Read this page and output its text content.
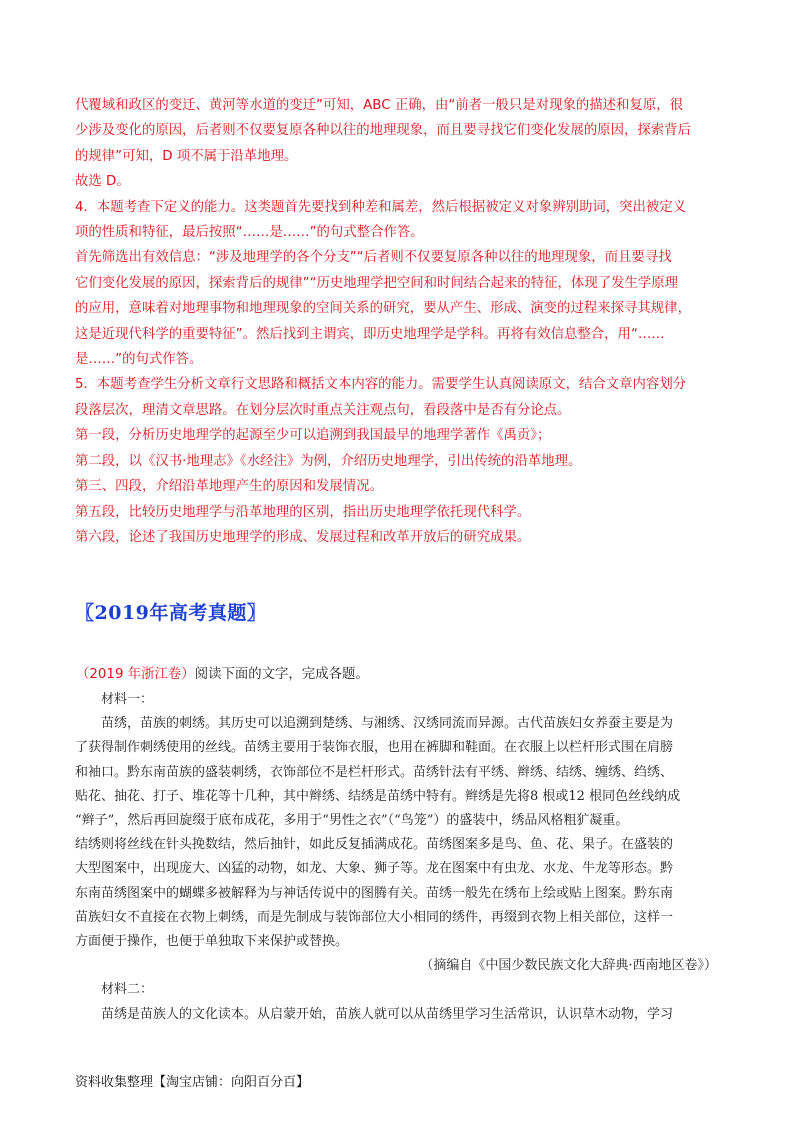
代覆域和政区的变迁、黄河等水道的变迁”可知，ABC 正确，由“前者一般只是对现象的描述和复原，很

少涉及变化的原因，后者则不仅要复原各种以往的地理现象，而且要寻找它们变化发展的原因，探索背后

的规律”可知，D 项不属于沿革地理。

故选 D。

4．本题考查下定义的能力。这类题首先要找到种差和属差，然后根据被定义对象辨别助词，突出被定义

项的性质和特征，最后按照“……是……”的句式整合作答。

首先筛选出有效信息：“涉及地理学的各个分支”“后者则不仅要复原各种以往的地理现象，而且要寻找

它们变化发展的原因，探索背后的规律”“历史地理学把空间和时间结合起来的特征，体现了发生学原理

的应用，意味着对地理事物和地理现象的空间关系的研究，要从产生、形成、演变的过程来探寻其规律，

这是近现代科学的重要特征”。然后找到主谓宾，即历史地理学是学科。再将有效信息整合，用“……

是……”的句式作答。

5．本题考查学生分析文章行文思路和概括文本内容的能力。需要学生认真阅读原文，结合文章内容划分

段落层次，理清文章思路。在划分层次时重点关注观点句，看段落中是否有分论点。

第一段，分析历史地理学的起源至少可以追溯到我国最早的地理学著作《禹贡》；

第二段，以《汉书·地理志》《水经注》为例，介绍历史地理学，引出传统的沿革地理。

第三、四段，介绍沿革地理产生的原因和发展情况。

第五段，比较历史地理学与沿革地理的区别，指出历史地理学依托现代科学。

第六段，论述了我国历史地理学的形成、发展过程和改革开放后的研究成果。

〖2019年高考真题〗
（2019 年浙江卷）阅读下面的文字，完成各题。

材料一：

苗绣，苗族的刺绣。其历史可以追溯到楚绣、与湘绣、汉绣同流而异源。古代苗族妇女养蚕主要是为

了获得制作刺绣使用的丝线。苗绣主要用于装饰衣服，也用在裤脚和鞋面。在衣服上以栏杆形式围在肩膀

和袖口。黔东南苗族的盛装刺绣，衣饰部位不是栏杆形式。苗绣针法有平绣、辫绣、结绣、缠绣、绉绣、

贴花、抽花、打子、堆花等十几种，其中辫绣、结绣是苗绣中特有。辫绣是先将8 根或12 根同色丝线纳成

“辫子”，然后再回旋缀于底布成花，多用于“男性之衣”（“鸟笼”）的盛装中，绣品风格粗犷凝重。

结绣则将丝线在针头挽数结，然后抽针，如此反复插满成花。苗绣图案多是鸟、鱼、花、果子。在盛装的

大型图案中，出现庞大、凶猛的动物，如龙、大象、狮子等。龙在图案中有虫龙、水龙、牛龙等形态。黔

东南苗绣图案中的蝴蝶多被解释为与神话传说中的图腾有关。苗绣一般先在绣布上绘或贴上图案。黔东南

苗族妇女不直接在衣物上刺绣，而是先制成与装饰部位大小相同的绣件，再缀到衣物上相关部位，这样一

方面便于操作，也便于单独取下来保护或替换。

（摘编自《中国少数民族文化大辞典·西南地区卷》）

材料二：

苗绣是苗族人的文化读本。从启蒙开始，苗族人就可以从苗绣里学习生活常识，认识草木动物，学习

资料收集整理【淘宝店铺：向阳百分百】
